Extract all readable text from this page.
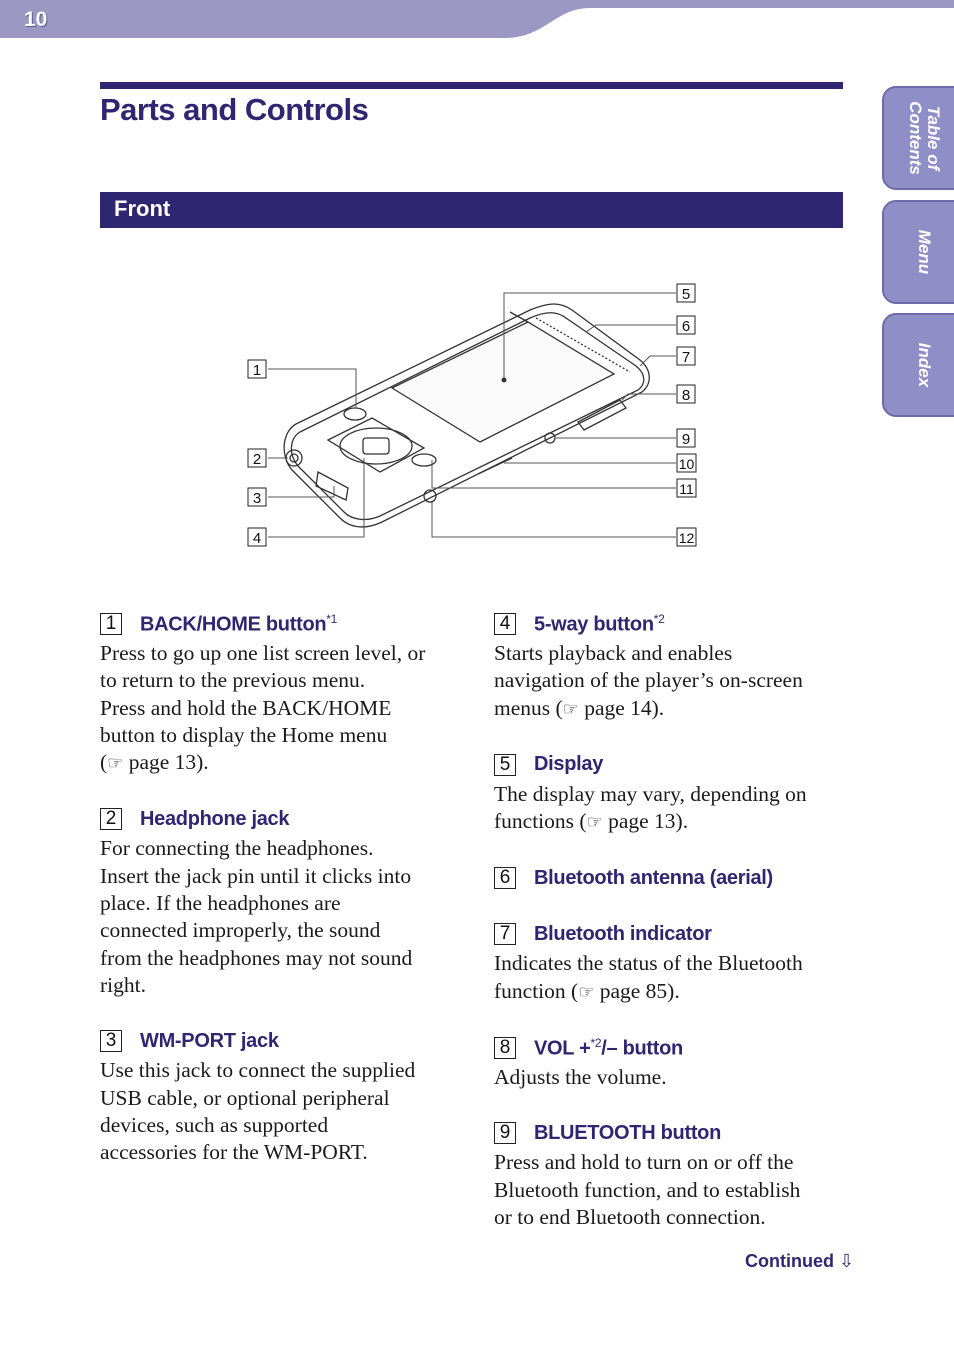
10
Table of
Contents
Menu
Index
Parts and Controls
Front
1
2
3
4
5
6
7
8
9
10
11
12
1 BACK/HOME button$^{*1}$
Press to go up one list screen level, or
to return to the previous menu.
Press and hold the BACK/HOME
button to display the Home menu
(☞ page 13).
2 Headphone jack
For connecting the headphones.
Insert the jack pin until it clicks into
place. If the headphones are
connected improperly, the sound
from the headphones may not sound
right.
3 WM-PORT jack
Use this jack to connect the supplied
USB cable, or optional peripheral
devices, such as supported
accessories for the WM-PORT.
4 5-way button$^{*2}$
Starts playback and enables
navigation of the player’s on-screen
menus (☞ page 14).
5 Display
The display may vary, depending on
functions (☞ page 13).
6 Bluetooth antenna (aerial)
7 Bluetooth indicator
Indicates the status of the Bluetooth
function (☞ page 85).
8 VOL +$^{*2}$/– button
Adjusts the volume.
9 BLUETOOTH button
Press and hold to turn on or off the
Bluetooth function, and to establish
or to end Bluetooth connection.
Continued ⇩
